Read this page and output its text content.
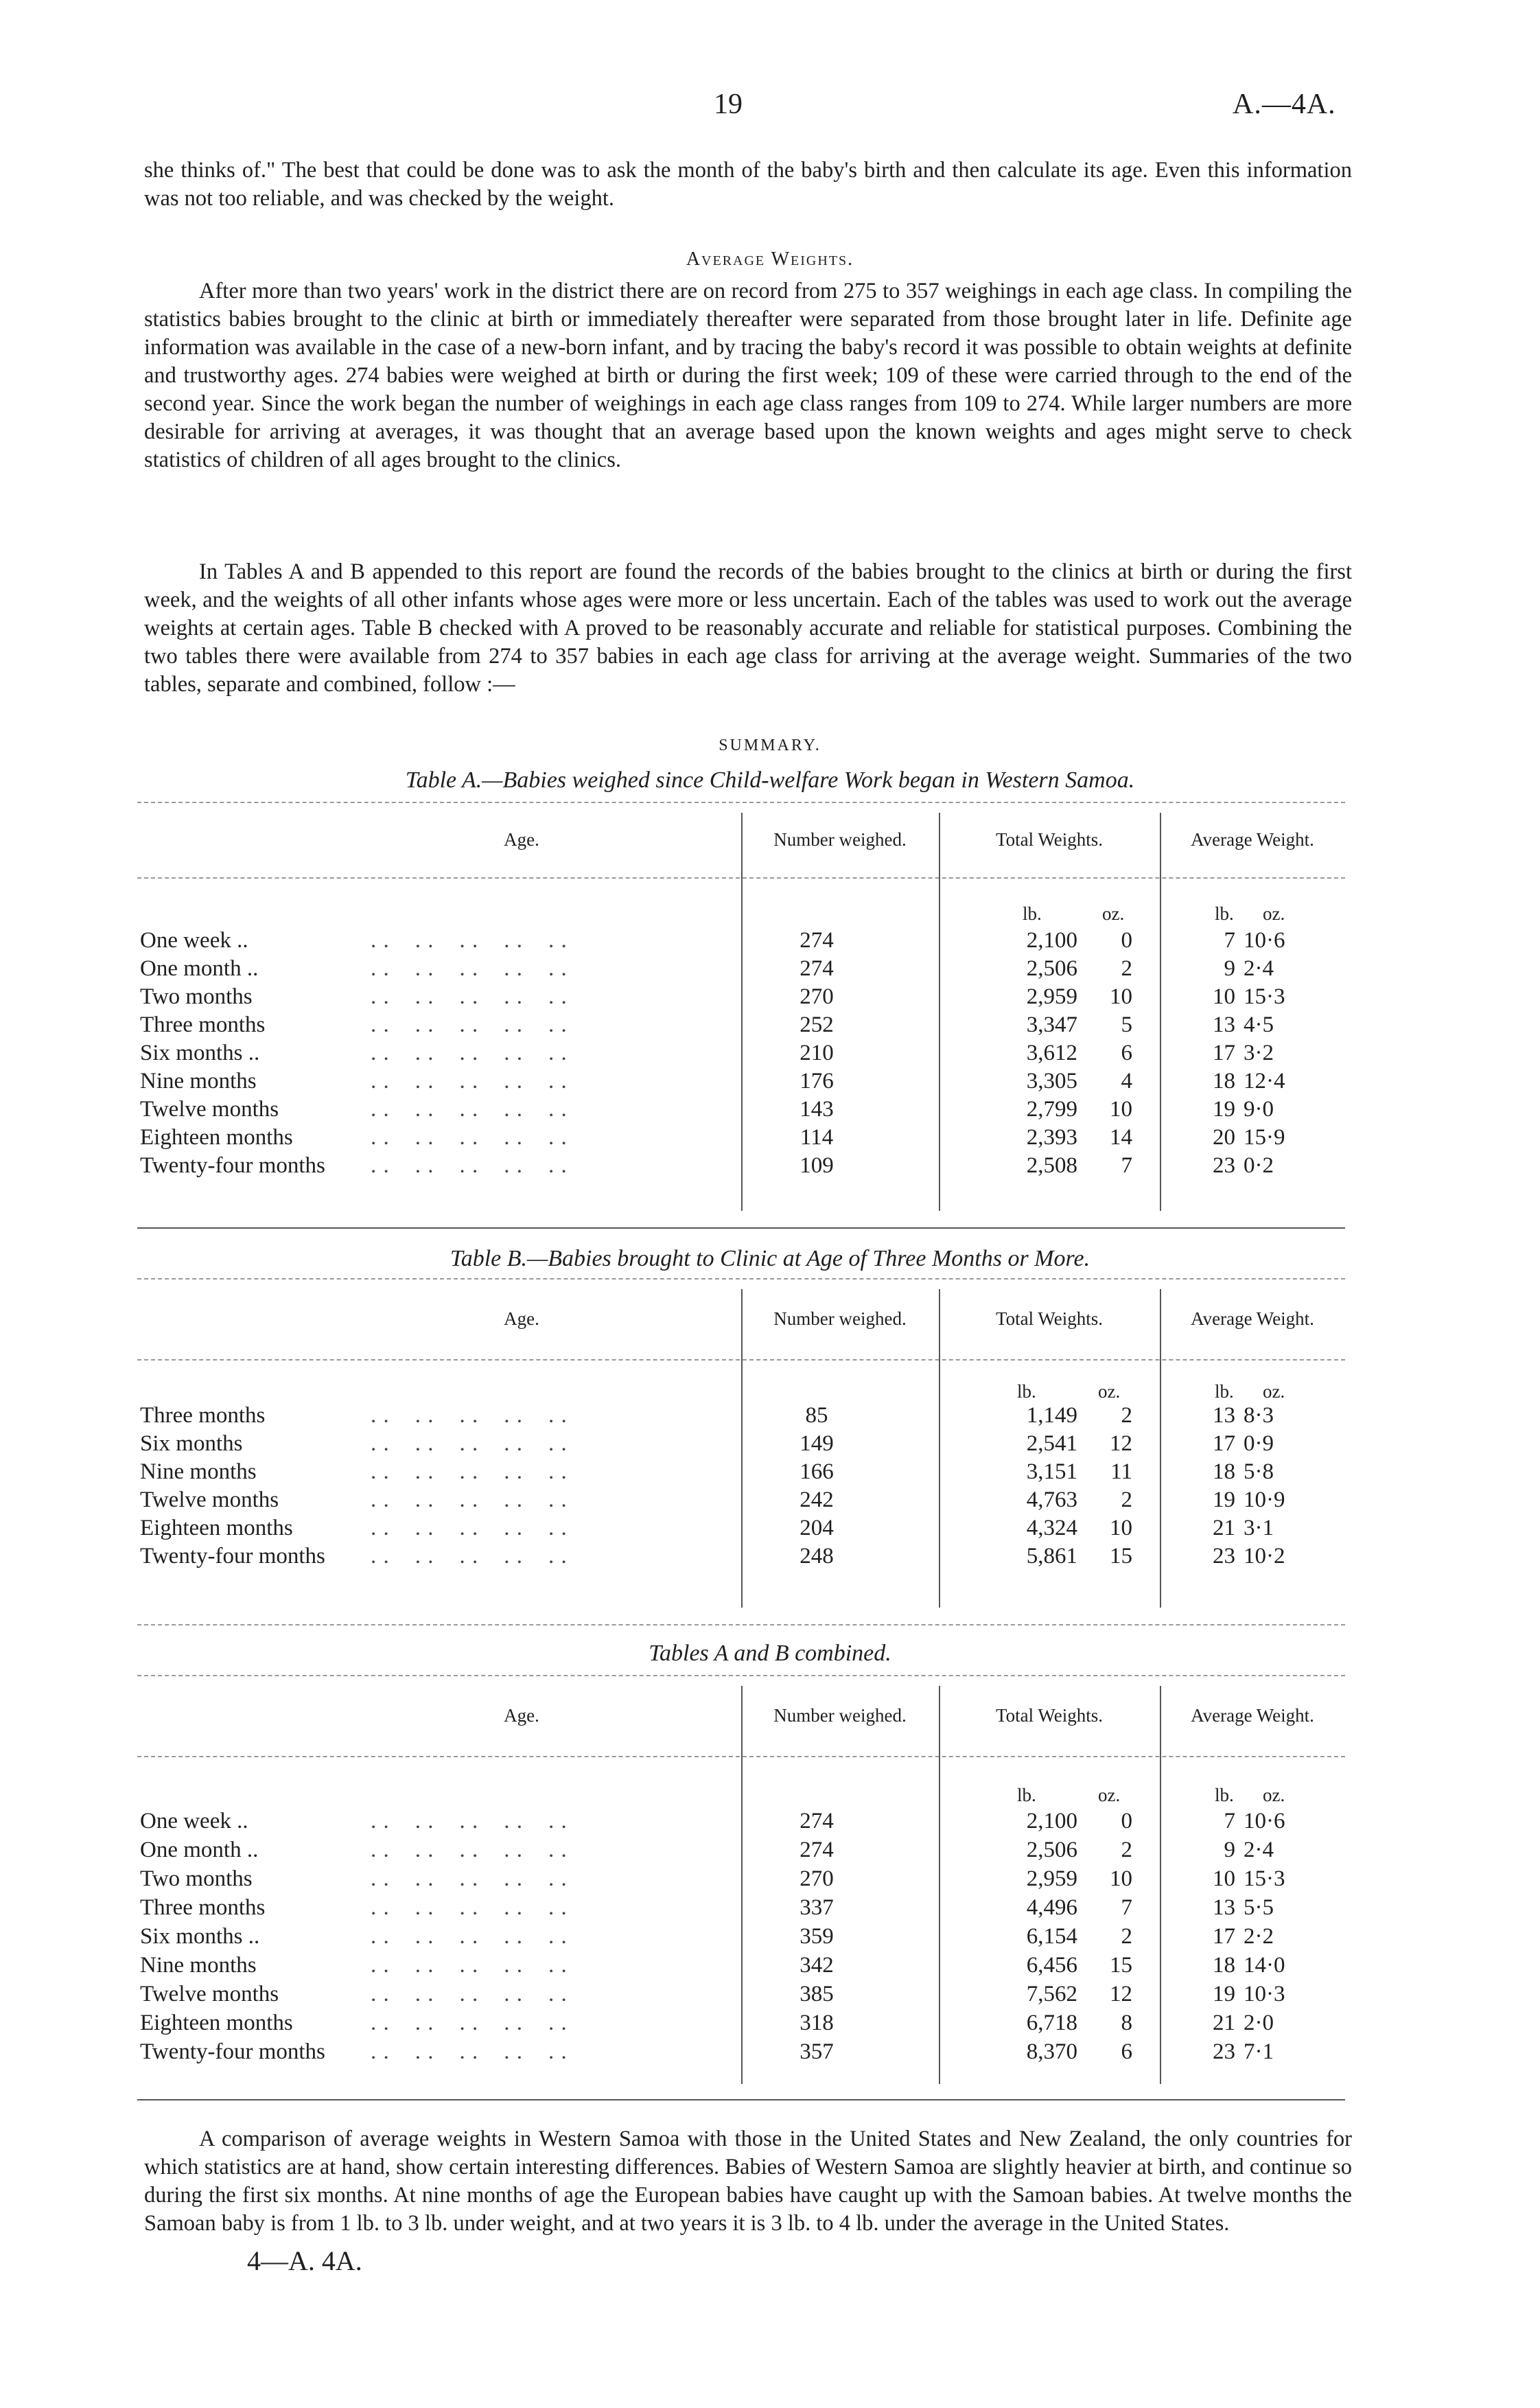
19	A.—4A.
she thinks of." The best that could be done was to ask the month of the baby's birth and then calculate its age. Even this information was not too reliable, and was checked by the weight.
Average Weights.
After more than two years' work in the district there are on record from 275 to 357 weighings in each age class. In compiling the statistics babies brought to the clinic at birth or immediately thereafter were separated from those brought later in life. Definite age information was available in the case of a new-born infant, and by tracing the baby's record it was possible to obtain weights at definite and trustworthy ages. 274 babies were weighed at birth or during the first week; 109 of these were carried through to the end of the second year. Since the work began the number of weighings in each age class ranges from 109 to 274. While larger numbers are more desirable for arriving at averages, it was thought that an average based upon the known weights and ages might serve to check statistics of children of all ages brought to the clinics.
In Tables A and B appended to this report are found the records of the babies brought to the clinics at birth or during the first week, and the weights of all other infants whose ages were more or less uncertain. Each of the tables was used to work out the average weights at certain ages. Table B checked with A proved to be reasonably accurate and reliable for statistical purposes. Combining the two tables there were available from 274 to 357 babies in each age class for arriving at the average weight. Summaries of the two tables, separate and combined, follow :—
SUMMARY.
Table A.—Babies weighed since Child-welfare Work began in Western Samoa.
Age.	Number weighed.	Total Weights.	Average Weight.
lb.	oz.	lb. oz.
One week ..	. .    . .    . .    . .    . .	274	2,100	0	7 10·6
One month ..	. .    . .    . .    . .    . .	274	2,506	2	9 2·4
Two months	. .    . .    . .    . .    . .	270	2,959	10	10 15·3
Three months	. .    . .    . .    . .    . .	252	3,347	5	13 4·5
Six months ..	. .    . .    . .    . .    . .	210	3,612	6	17 3·2
Nine months	. .    . .    . .    . .    . .	176	3,305	4	18 12·4
Twelve months	. .    . .    . .    . .    . .	143	2,799	10	19 9·0
Eighteen months	. .    . .    . .    . .    . .	114	2,393	14	20 15·9
Twenty-four months . .    . .    . .    . .    . .	109	2,508	7	23 0·2
Table B.—Babies brought to Clinic at Age of Three Months or More.
Age.	Number weighed.	Total Weights.	Average Weight.
lb.	oz.	lb. oz.
Three months	. .    . .    . .    . .    . .	85	1,149	2	13 8·3
Six months	. .    . .    . .    . .    . .	149	2,541	12	17 0·9
Nine months	. .    . .    . .    . .    . .	166	3,151	11	18 5·8
Twelve months	. .    . .    . .    . .    . .	242	4,763	2	19 10·9
Eighteen months	. .    . .    . .    . .    . .	204	4,324	10	21 3·1
Twenty-four months . .    . .    . .    . .    . .	248	5,861	15	23 10·2
Tables A and B combined.
Age.	Number weighed.	Total Weights.	Average Weight.
lb.	oz.	lb. oz.
One week ..	. .    . .    . .    . .    . .	274	2,100	0	7 10·6
One month ..	. .    . .    . .    . .    . .	274	2,506	2	9 2·4
Two months	. .    . .    . .    . .    . .	270	2,959	10	10 15·3
Three months	. .    . .    . .    . .    . .	337	4,496	7	13 5·5
Six months ..	. .    . .    . .    . .    . .	359	6,154	2	17 2·2
Nine months	. .    . .    . .    . .    . .	342	6,456	15	18 14·0
Twelve months	. .    . .    . .    . .    . .	385	7,562	12	19 10·3
Eighteen months	. .    . .    . .    . .    . .	318	6,718	8	21 2·0
Twenty-four months . .    . .    . .    . .    . .	357	8,370	6	23 7·1
A comparison of average weights in Western Samoa with those in the United States and New Zealand, the only countries for which statistics are at hand, show certain interesting differences. Babies of Western Samoa are slightly heavier at birth, and continue so during the first six months. At nine months of age the European babies have caught up with the Samoan babies. At twelve months the Samoan baby is from 1 lb. to 3 lb. under weight, and at two years it is 3 lb. to 4 lb. under the average in the United States.
4—A. 4A.
